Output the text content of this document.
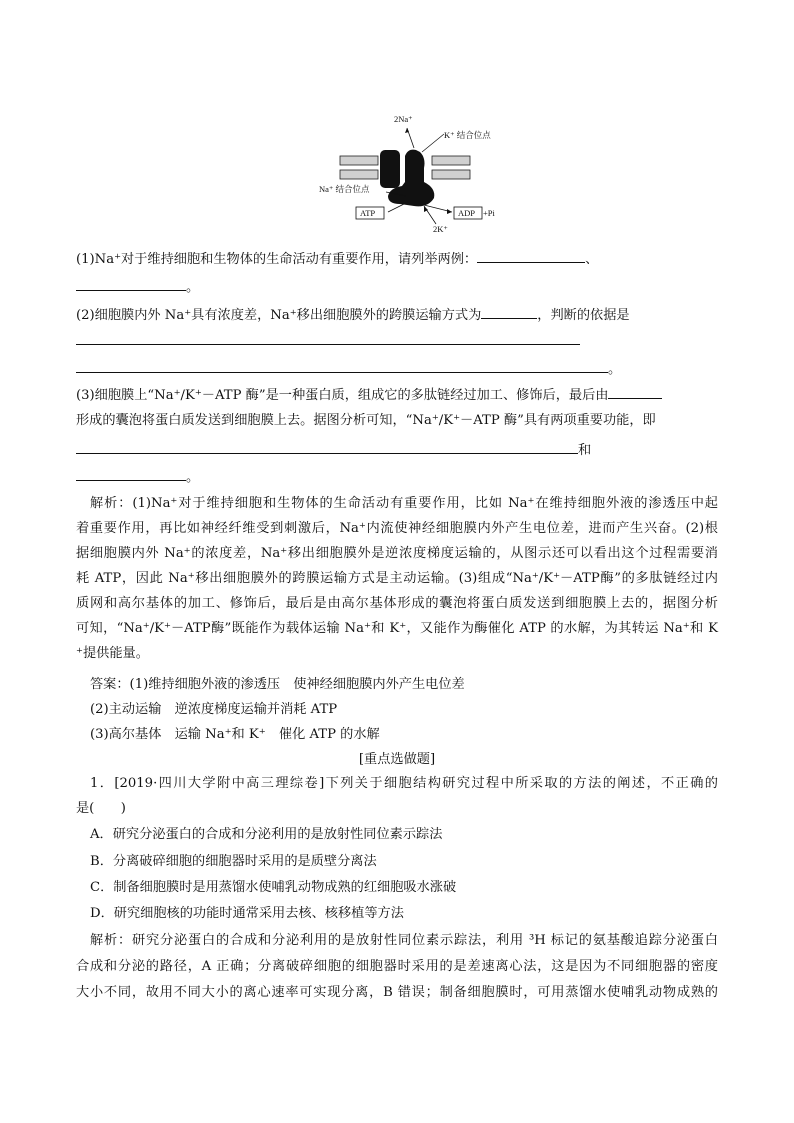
2Na⁺
K⁺ 结合位点
Na⁺ 结合位点
ATP	ADP +Pi
2K⁺
(1)Na⁺对于维持细胞和生物体的生命活动有重要作用，请列举两例：	、
。
(2)细胞膜内外 Na⁺具有浓度差，Na⁺移出细胞膜外的跨膜运输方式为	，判断的依据是
。
(3)细胞膜上“Na⁺/K⁺－ATP 酶”是一种蛋白质，组成它的多肽链经过加工、修饰后，最后由
形成的囊泡将蛋白质发送到细胞膜上去。据图分析可知，“Na⁺/K⁺－ATP 酶”具有两项重要功能，即
和
。
解析：(1)Na⁺对于维持细胞和生物体的生命活动有重要作用，比如 Na⁺在维持细胞外液的渗透压中起
着重要作用，再比如神经纤维受到刺激后，Na⁺内流使神经细胞膜内外产生电位差，进而产生兴奋。(2)根
据细胞膜内外 Na⁺的浓度差，Na⁺移出细胞膜外是逆浓度梯度运输的，从图示还可以看出这个过程需要消
耗 ATP，因此 Na⁺移出细胞膜外的跨膜运输方式是主动运输。(3)组成“Na⁺/K⁺－ATP酶”的多肽链经过内
质网和高尔基体的加工、修饰后，最后是由高尔基体形成的囊泡将蛋白质发送到细胞膜上去的，据图分析
可知，“Na⁺/K⁺－ATP酶”既能作为载体运输 Na⁺和 K⁺，又能作为酶催化 ATP 的水解，为其转运 Na⁺和 K
⁺提供能量。
答案：(1)维持细胞外液的渗透压　使神经细胞膜内外产生电位差
(2)主动运输　逆浓度梯度运输并消耗 ATP
(3)高尔基体　运输 Na⁺和 K⁺　催化 ATP 的水解
[重点选做题]
1．[2019·四川大学附中高三理综卷]下列关于细胞结构研究过程中所采取的方法的阐述，不正确的
是(　　)
A．研究分泌蛋白的合成和分泌利用的是放射性同位素示踪法
B．分离破碎细胞的细胞器时采用的是质壁分离法
C．制备细胞膜时是用蒸馏水使哺乳动物成熟的红细胞吸水涨破
D．研究细胞核的功能时通常采用去核、核移植等方法
解析：研究分泌蛋白的合成和分泌利用的是放射性同位素示踪法，利用 ³H 标记的氨基酸追踪分泌蛋白
合成和分泌的路径，A 正确；分离破碎细胞的细胞器时采用的是差速离心法，这是因为不同细胞器的密度
大小不同，故用不同大小的离心速率可实现分离，B 错误；制备细胞膜时，可用蒸馏水使哺乳动物成熟的
